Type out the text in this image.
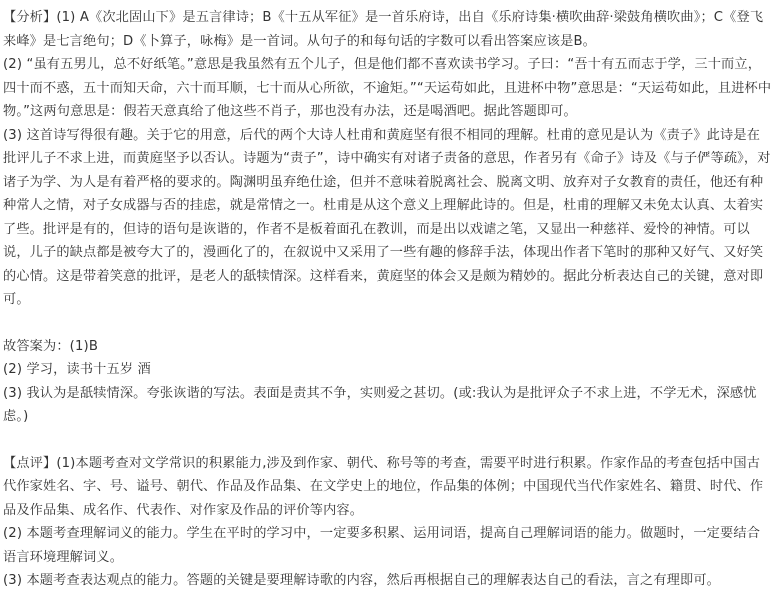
【分析】(1) A《次北固山下》是五言律诗；B《十五从军征》是一首乐府诗，出自《乐府诗集·横吹曲辞·梁鼓角横吹曲》；C《登飞来峰》是七言绝句；D《卜算子，咏梅》是一首词。从句子的和每句话的字数可以看出答案应该是B。

(2) “虽有五男儿，总不好纸笔。”意思是我虽然有五个儿子，但是他们都不喜欢读书学习。子曰：“吾十有五而志于学，三十而立，四十而不惑，五十而知天命，六十而耳顺，七十而从心所欲，不逾矩。”“天运苟如此，且进杯中物”意思是：“天运苟如此，且进杯中物。”这两句意思是：假若天意真给了他这些不肖子，那也没有办法，还是喝酒吧。据此答题即可。

(3) 这首诗写得很有趣。关于它的用意，后代的两个大诗人杜甫和黄庭坚有很不相同的理解。杜甫的意见是认为《责子》此诗是在批评儿子不求上进，而黄庭坚予以否认。诗题为“责子”，诗中确实有对诸子责备的意思，作者另有《命子》诗及《与子俨等疏》，对诸子为学、为人是有着严格的要求的。陶渊明虽弃绝仕途，但并不意味着脱离社会、脱离文明、放弃对子女教育的责任，他还有种种常人之情，对子女成器与否的挂虑，就是常情之一。杜甫是从这个意义上理解此诗的。但是，杜甫的理解又未免太认真、太着实了些。批评是有的，但诗的语句是诙谐的，作者不是板着面孔在教训，而是出以戏谑之笔，又显出一种慈祥、爱怜的神情。可以说，儿子的缺点都是被夸大了的，漫画化了的，在叙说中又采用了一些有趣的修辞手法，体现出作者下笔时的那种又好气、又好笑的心情。这是带着笑意的批评，是老人的舐犊情深。这样看来，黄庭坚的体会又是颇为精妙的。据此分析表达自己的关键，意对即可。

故答案为：(1)B

(2) 学习，读书十五岁 酒

(3) 我认为是舐犊情深。夸张诙谐的写法。表面是责其不争，实则爱之甚切。(或:我认为是批评众子不求上进，不学无术，深感忧虑。)

【点评】(1)本题考查对文学常识的积累能力,涉及到作家、朝代、称号等的考查，需要平时进行积累。作家作品的考查包括中国古代作家姓名、字、号、谥号、朝代、作品及作品集、在文学史上的地位，作品集的体例；中国现代当代作家姓名、籍贯、时代、作品及作品集、成名作、代表作、对作家及作品的评价等内容。

(2) 本题考查理解词义的能力。学生在平时的学习中，一定要多积累、运用词语，提高自己理解词语的能力。做题时，一定要结合语言环境理解词义。

(3) 本题考查表达观点的能力。答题的关键是要理解诗歌的内容，然后再根据自己的理解表达自己的看法，言之有理即可。
